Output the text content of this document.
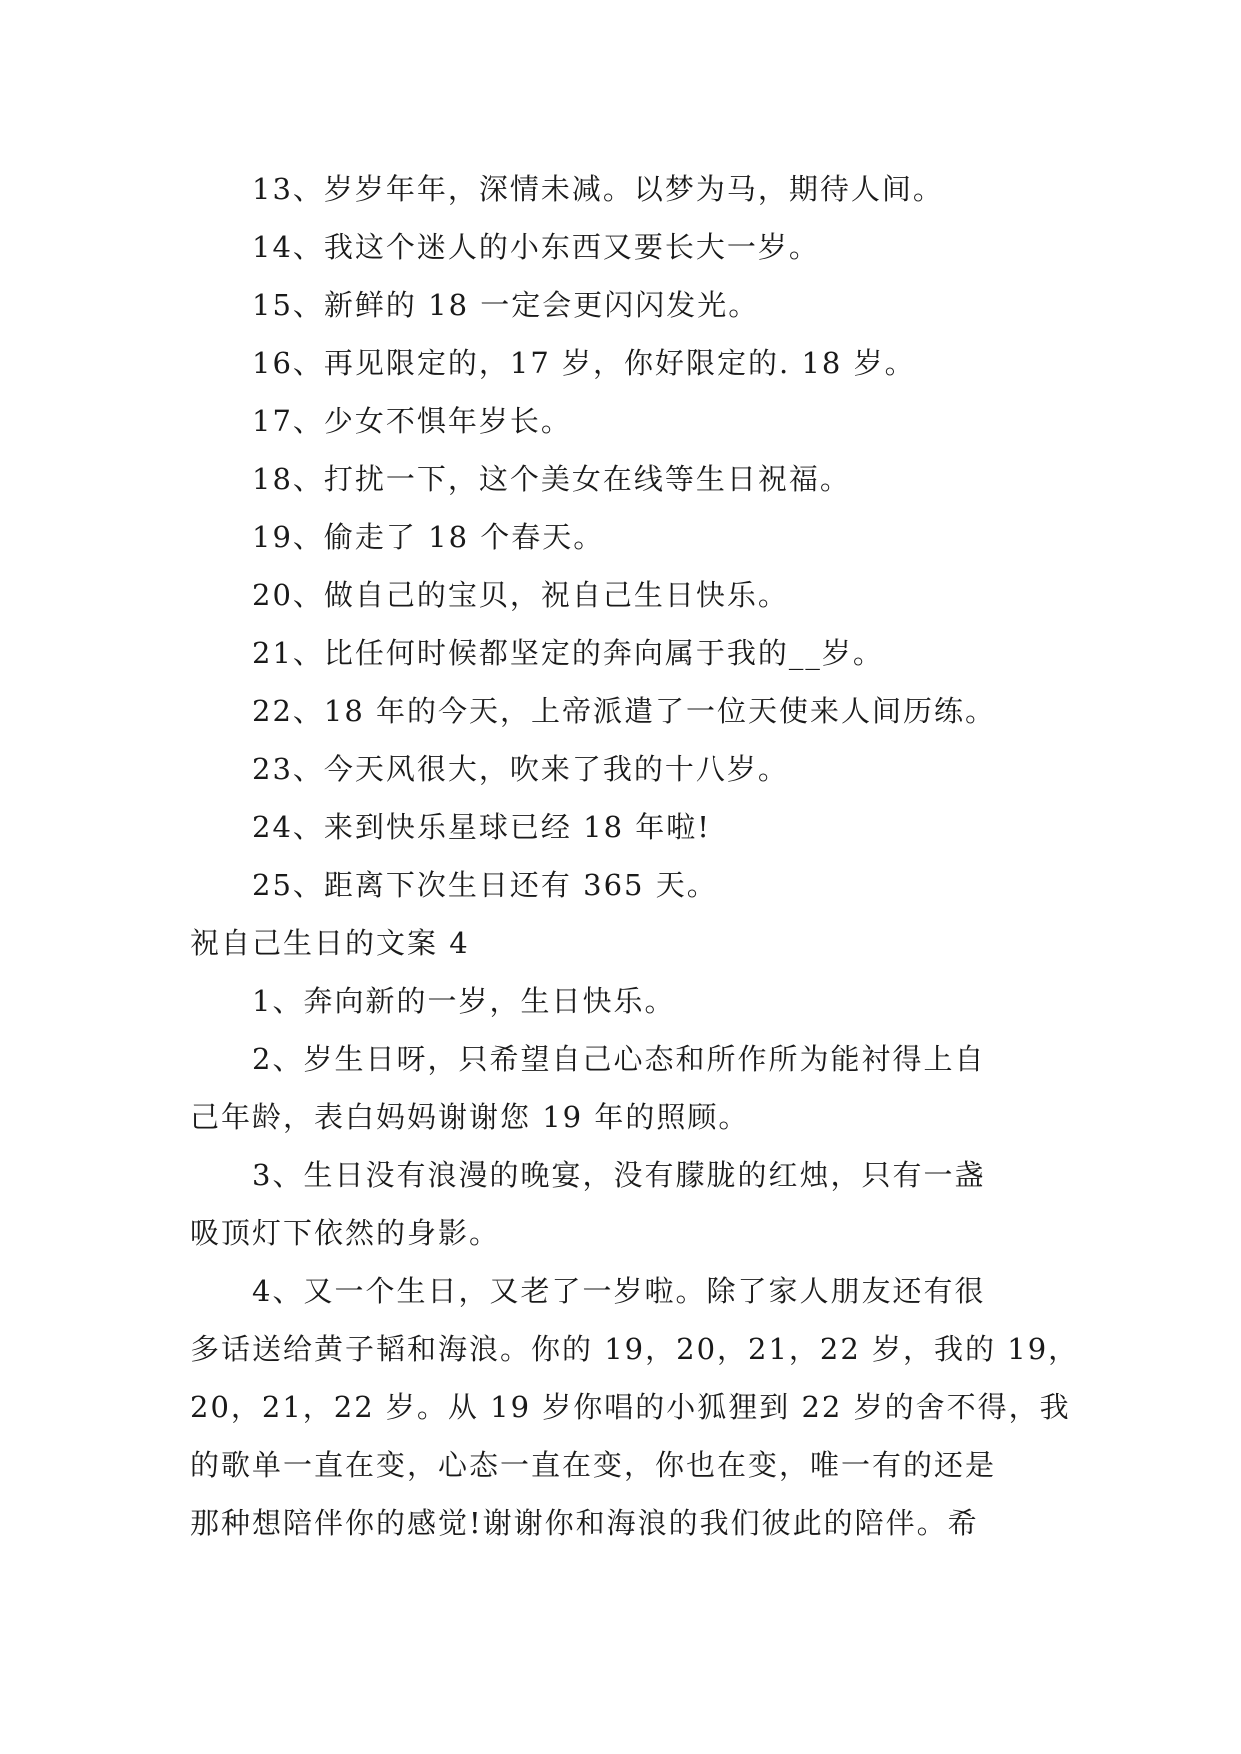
13、岁岁年年，深情未减。以梦为马，期待人间。

14、我这个迷人的小东西又要长大一岁。

15、新鲜的 18 一定会更闪闪发光。

16、再见限定的，17 岁，你好限定的. 18 岁。

17、少女不惧年岁长。

18、打扰一下，这个美女在线等生日祝福。

19、偷走了 18 个春天。

20、做自己的宝贝，祝自己生日快乐。

21、比任何时候都坚定的奔向属于我的__岁。

22、18 年的今天，上帝派遣了一位天使来人间历练。

23、今天风很大，吹来了我的十八岁。

24、来到快乐星球已经 18 年啦!

25、距离下次生日还有 365 天。

祝自己生日的文案 4

1、奔向新的一岁，生日快乐。

2、岁生日呀，只希望自己心态和所作所为能衬得上自

己年龄，表白妈妈谢谢您 19 年的照顾。

3、生日没有浪漫的晚宴，没有朦胧的红烛，只有一盏

吸顶灯下依然的身影。

4、又一个生日，又老了一岁啦。除了家人朋友还有很

多话送给黄子韬和海浪。你的 19，20，21，22 岁，我的 19，

20，21，22 岁。从 19 岁你唱的小狐狸到 22 岁的舍不得，我

的歌单一直在变，心态一直在变，你也在变，唯一有的还是

那种想陪伴你的感觉!谢谢你和海浪的我们彼此的陪伴。希
